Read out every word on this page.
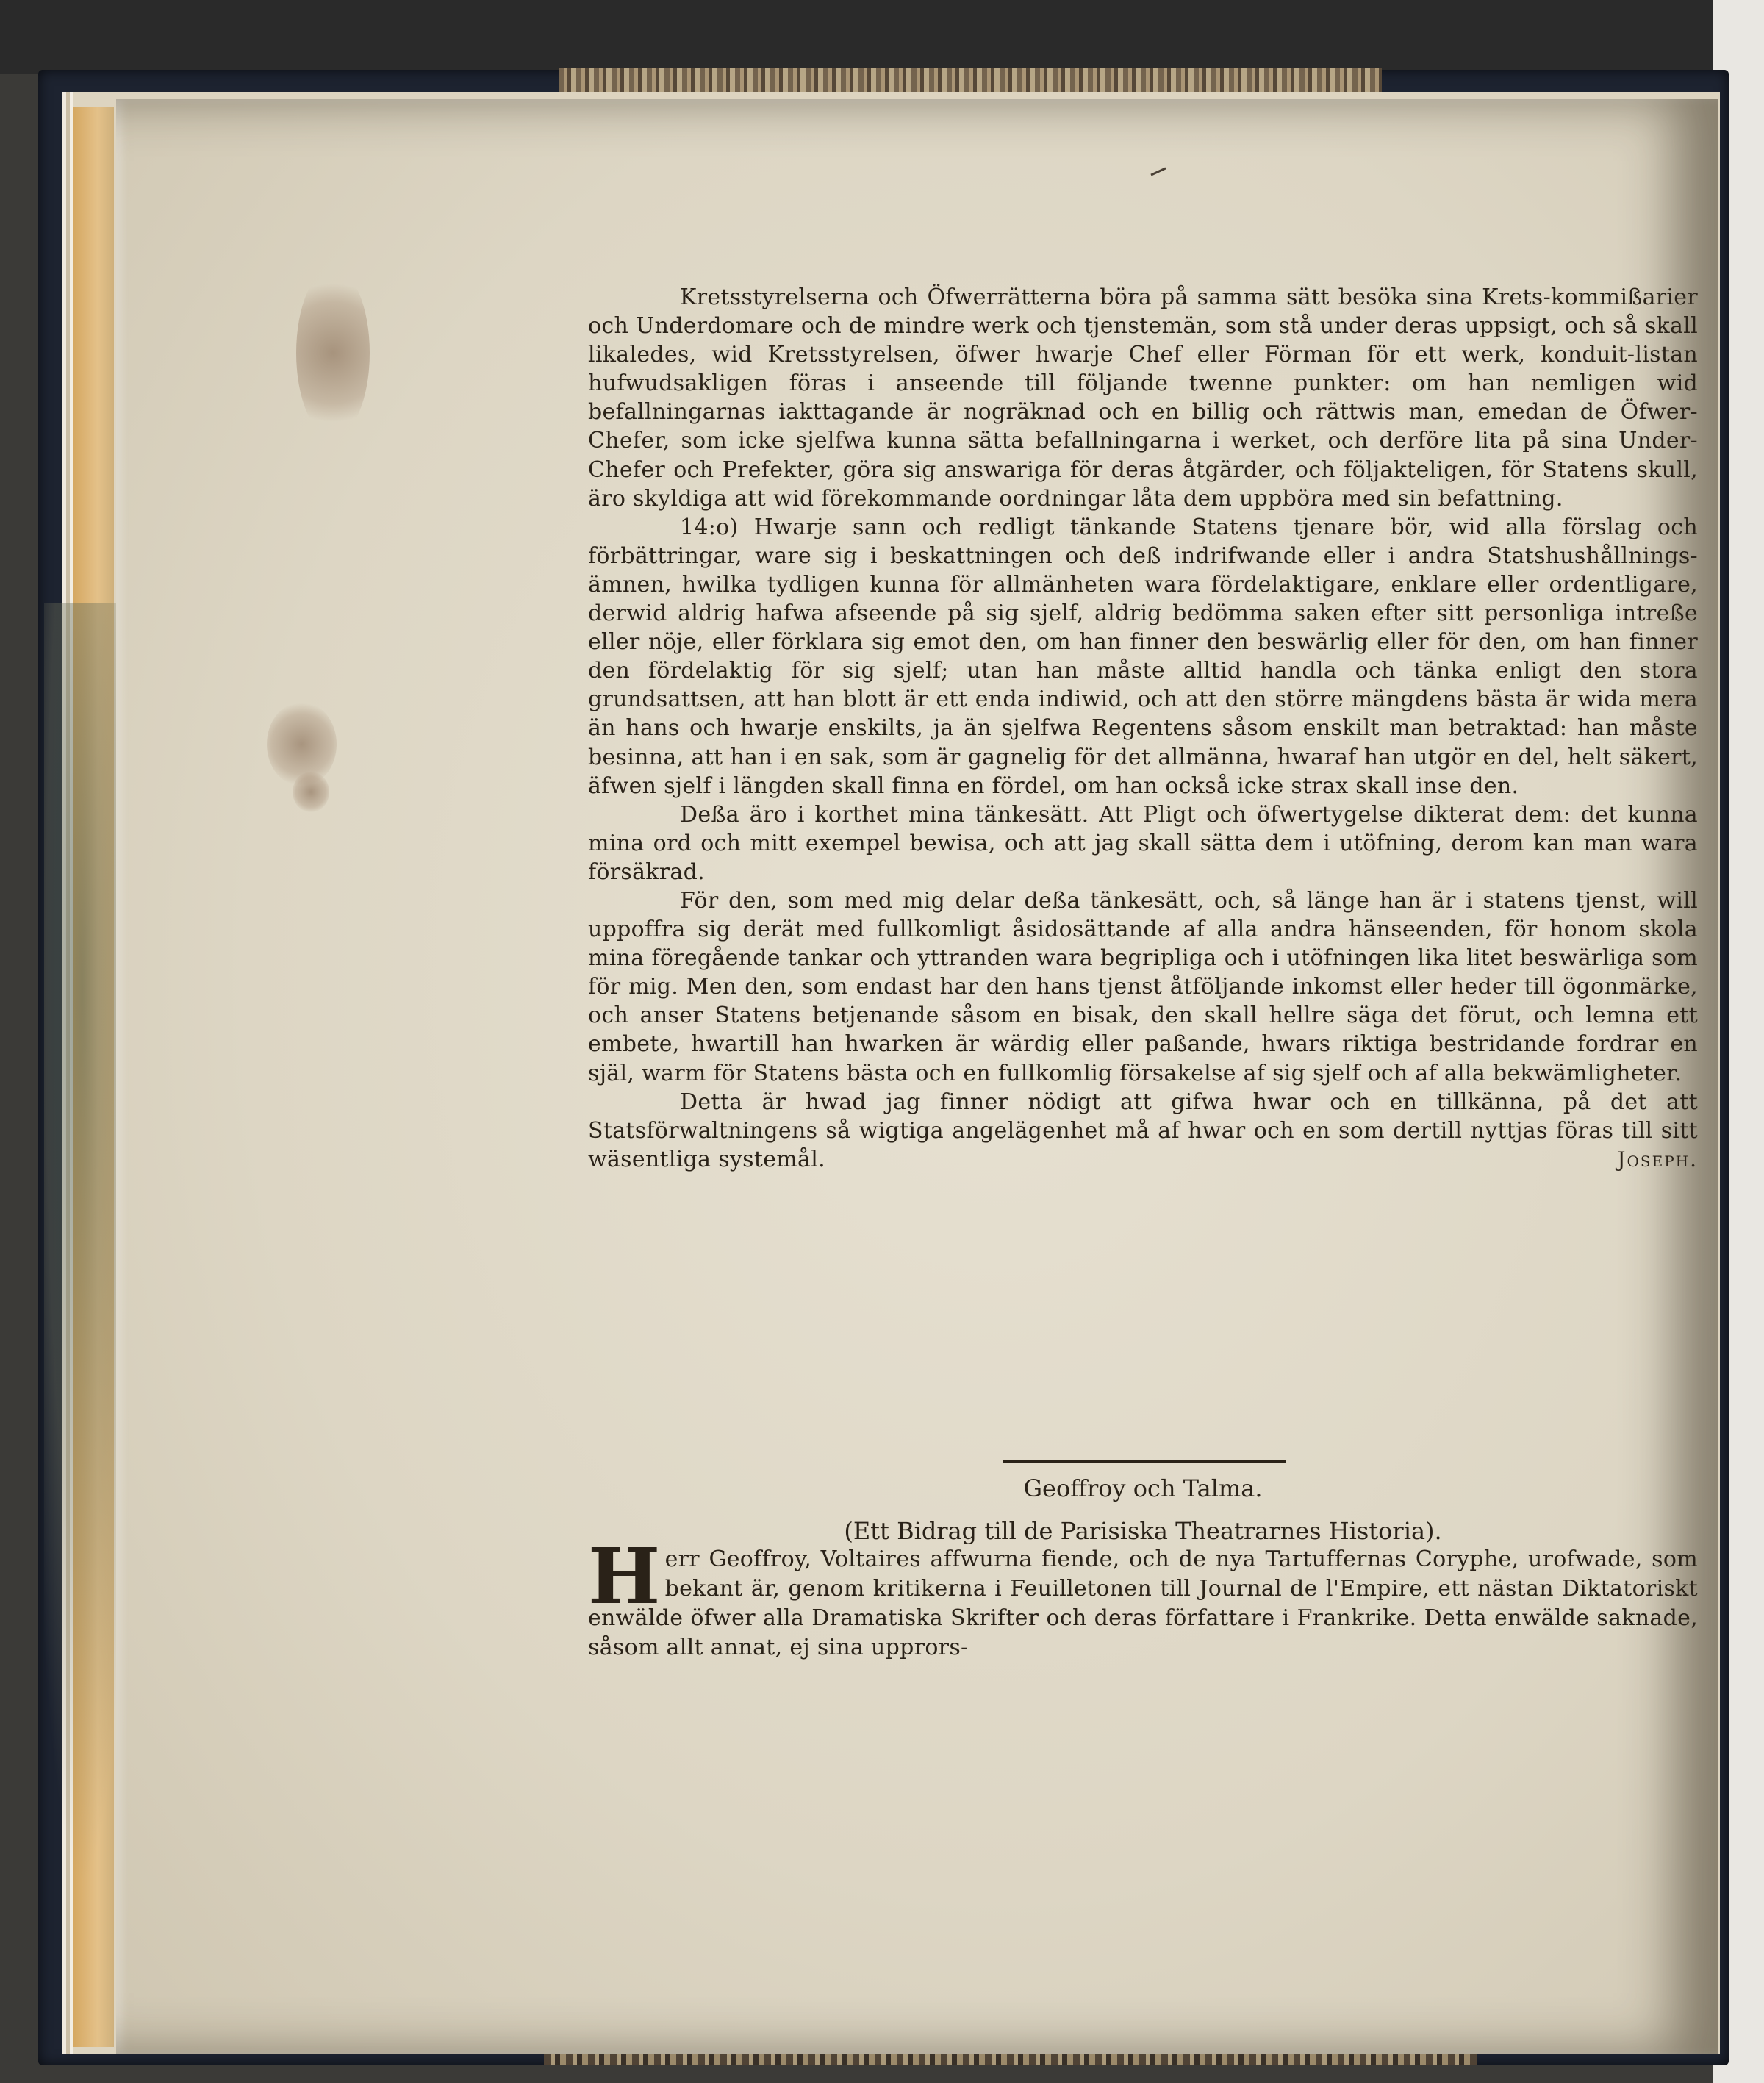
Kretsstyrelserna och Öfwerrätterna böra på samma sätt besöka sina Krets-kommißarier och Underdomare och de mindre werk och tjenstemän, som stå under deras uppsigt, och så skall likaledes, wid Kretsstyrelsen, öfwer hwarje Chef eller Förman för ett werk, konduit-listan hufwudsakligen föras i anseende till följande twenne punkter: om han nemligen wid befallningarnas iakttagande är nogräknad och en billig och rättwis man, emedan de Öfwer-Chefer, som icke sjelfwa kunna sätta befallningarna i werket, och derföre lita på sina Under-Chefer och Prefekter, göra sig answariga för deras åtgärder, och följakteligen, för Statens skull, äro skyldiga att wid förekommande oordningar låta dem uppböra med sin befattning.

14:o) Hwarje sann och redligt tänkande Statens tjenare bör, wid alla förslag och förbättringar, ware sig i beskattningen och deß indrifwande eller i andra Statshushållnings-ämnen, hwilka tydligen kunna för allmänheten wara fördelaktigare, enklare eller ordentligare, derwid aldrig hafwa afseende på sig sjelf, aldrig bedömma saken efter sitt personliga intreße eller nöje, eller förklara sig emot den, om han finner den beswärlig eller för den, om han finner den fördelaktig för sig sjelf; utan han måste alltid handla och tänka enligt den stora grundsattsen, att han blott är ett enda indiwid, och att den större mängdens bästa är wida mera än hans och hwarje enskilts, ja än sjelfwa Regentens såsom enskilt man betraktad: han måste besinna, att han i en sak, som är gagnelig för det allmänna, hwaraf han utgör en del, helt säkert, äfwen sjelf i längden skall finna en fördel, om han också icke strax skall inse den.

Deßa äro i korthet mina tänkesätt. Att Pligt och öfwertygelse dikterat dem: det kunna mina ord och mitt exempel bewisa, och att jag skall sätta dem i utöfning, derom kan man wara försäkrad.

För den, som med mig delar deßa tänkesätt, och, så länge han är i statens tjenst, will uppoffra sig derät med fullkomligt åsidosättande af alla andra hänseenden, för honom skola mina föregående tankar och yttranden wara begripliga och i utöfningen lika litet beswärliga som för mig. Men den, som endast har den hans tjenst åtföljande inkomst eller heder till ögonmärke, och anser Statens betjenande såsom en bisak, den skall hellre säga det förut, och lemna ett embete, hwartill han hwarken är wärdig eller paßande, hwars riktiga bestridande fordrar en själ, warm för Statens bästa och en fullkomlig försakelse af sig sjelf och af alla bekwämligheter.

Detta är hwad jag finner nödigt att gifwa hwar och en tillkänna, på det att Statsförwaltningens så wigtiga angelägenhet må af hwar och en som dertill nyttjas föras till sitt wäsentliga systemål.	Joseph.

Geoffroy och Talma.
(Ett Bidrag till de Parisiska Theatrarnes Historia).
Herr Geoffroy, Voltaires affwurna fiende, och de nya Tartuffernas Coryphe, urofwade, som bekant är, genom kritikerna i Feuilletonen till Journal de l'Empire, ett nästan Diktatoriskt enwälde öfwer alla Dramatiska Skrifter och deras författare i Frankrike. Detta enwälde saknade, såsom allt annat, ej sina upprors-
